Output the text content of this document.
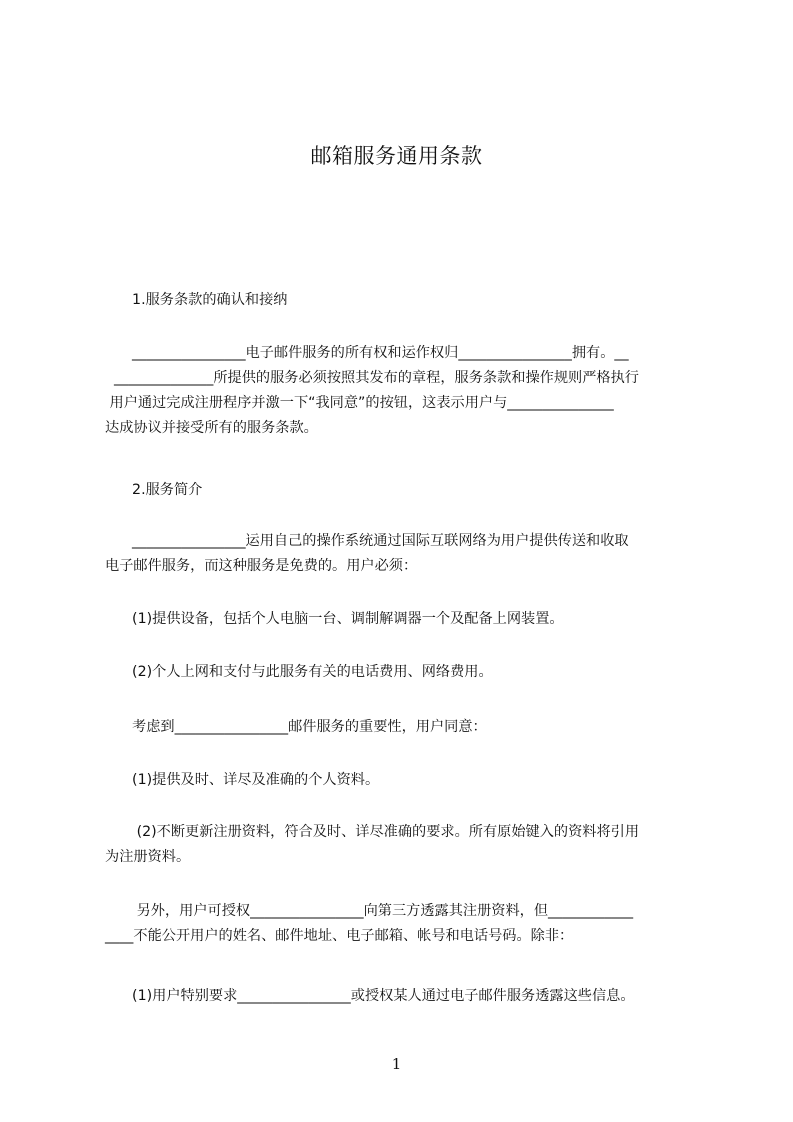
邮箱服务通用条款

1.服务条款的确认和接纳

________________电子邮件服务的所有权和运作权归________________拥有。__
______________所提供的服务必须按照其发布的章程，服务条款和操作规则严格执行
用户通过完成注册程序并激一下“我同意”的按钮，这表示用户与_______________
达成协议并接受所有的服务条款。

2.服务简介

________________运用自己的操作系统通过国际互联网络为用户提供传送和收取
电子邮件服务，而这种服务是免费的。用户必须：

(1)提供设备，包括个人电脑一台、调制解调器一个及配备上网装置。

(2)个人上网和支付与此服务有关的电话费用、网络费用。

考虑到________________邮件服务的重要性，用户同意：

(1)提供及时、详尽及准确的个人资料。

(2)不断更新注册资料，符合及时、详尽准确的要求。所有原始键入的资料将引用
为注册资料。

另外，用户可授权________________向第三方透露其注册资料，但____________
____不能公开用户的姓名、邮件地址、电子邮箱、帐号和电话号码。除非：

(1)用户特别要求________________或授权某人通过电子邮件服务透露这些信息。

1
